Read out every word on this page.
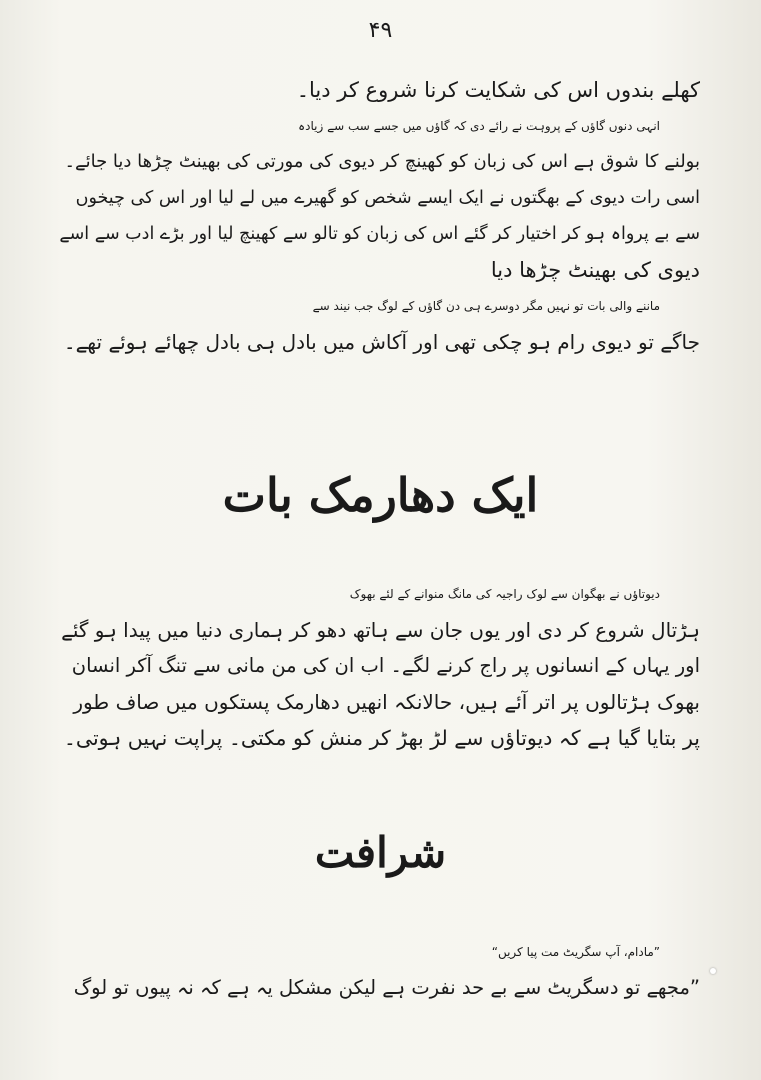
۴۹
کھلے بندوں اس کی شکایت کرنا شروع کر دیا۔
انہی دنوں گاؤں کے پروہت نے رائے دی کہ گاؤں میں جسے سب سے زیادہ
بولنے کا شوق ہے اس کی زبان کو کھینچ کر دیوی کی مورتی کی بھینٹ چڑھا دیا جائے۔
اسی رات دیوی کے بھگتوں نے ایک ایسے شخص کو گھیرے میں لے لیا اور اس کی چیخوں
سے بے پرواہ ہو کر اختیار کر گئے اس کی زبان کو تالو سے کھینچ لیا اور بڑے ادب سے اسے
دیوی کی بھینٹ چڑھا دیا
ماننے والی بات تو نہیں مگر دوسرے ہی دن گاؤں کے لوگ جب نیند سے
جاگے تو دیوی رام ہو چکی تھی اور آکاش میں بادل ہی بادل چھائے ہوئے تھے۔
ایک دھارمک بات
دیوتاؤں نے بھگوان سے لوک راجیہ کی مانگ منوانے کے لئے بھوک
ہڑتال شروع کر دی اور یوں جان سے ہاتھ دھو کر ہماری دنیا میں پیدا ہو گئے
اور یہاں کے انسانوں پر راج کرنے لگے۔ اب ان کی من مانی سے تنگ آکر انسان
بھوک ہڑتالوں پر اتر آئے ہیں، حالانکہ انھیں دھارمک پستکوں میں صاف طور
پر بتایا گیا ہے کہ دیوتاؤں سے لڑ بھڑ کر منش کو مکتی۔ پراپت نہیں ہوتی۔
شرافت
”مادام، آپ سگریٹ مت پیا کریں“
”مجھے تو دسگریٹ سے بے حد نفرت ہے لیکن مشکل یہ ہے کہ نہ پیوں تو لوگ
